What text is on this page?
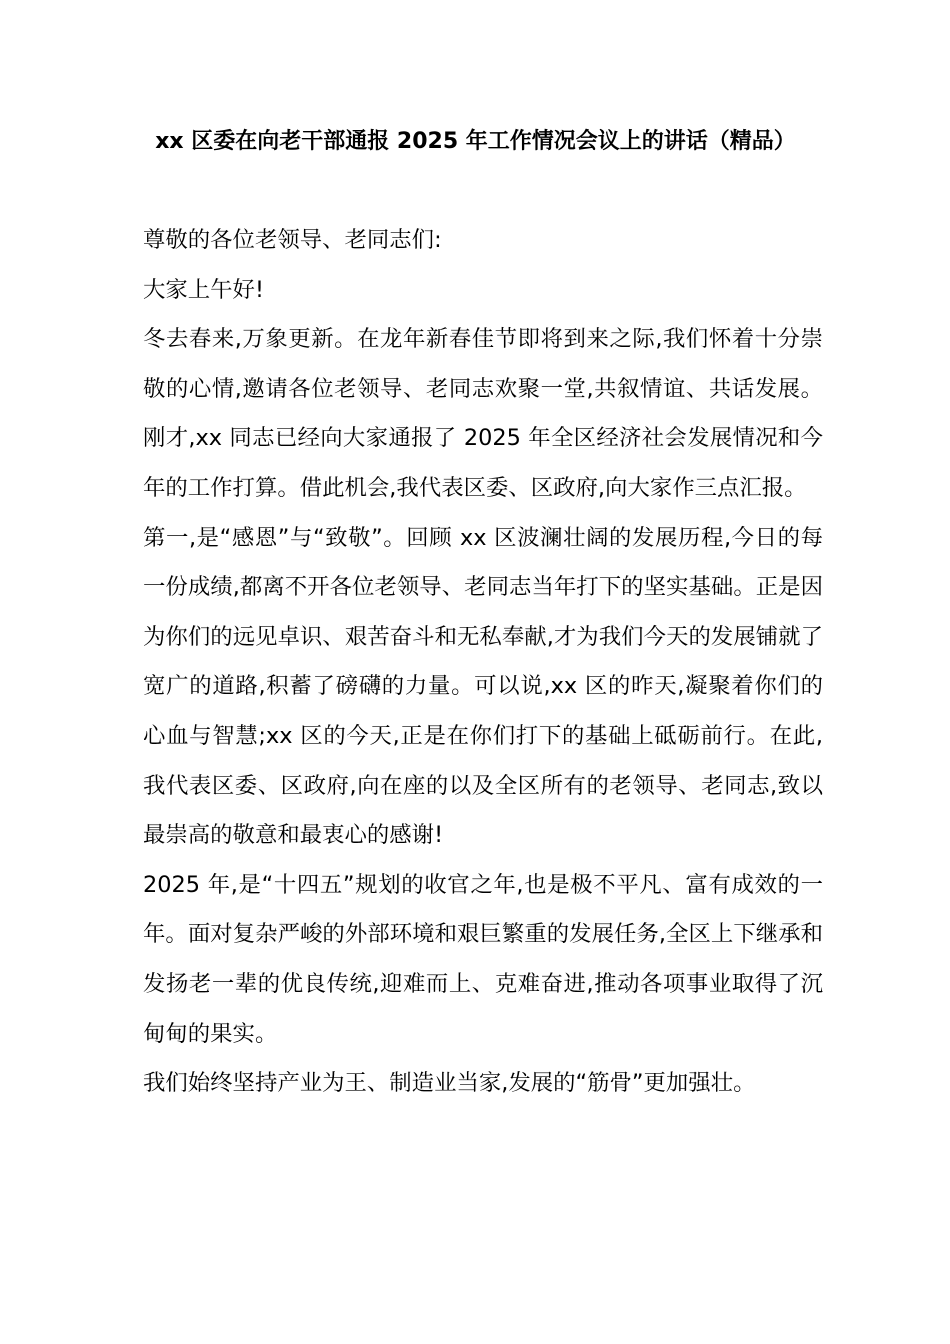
xx 区委在向老干部通报 2025 年工作情况会议上的讲话（精品）

尊敬的各位老领导、老同志们:

大家上午好!

冬去春来,万象更新。在龙年新春佳节即将到来之际,我们怀着十分崇敬的心情,邀请各位老领导、老同志欢聚一堂,共叙情谊、共话发展。刚才,xx 同志已经向大家通报了 2025 年全区经济社会发展情况和今年的工作打算。借此机会,我代表区委、区政府,向大家作三点汇报。

第一,是“感恩”与“致敬”。回顾 xx 区波澜壮阔的发展历程,今日的每一份成绩,都离不开各位老领导、老同志当年打下的坚实基础。正是因为你们的远见卓识、艰苦奋斗和无私奉献,才为我们今天的发展铺就了宽广的道路,积蓄了磅礴的力量。可以说,xx 区的昨天,凝聚着你们的心血与智慧;xx 区的今天,正是在你们打下的基础上砥砺前行。在此,我代表区委、区政府,向在座的以及全区所有的老领导、老同志,致以最崇高的敬意和最衷心的感谢!

2025 年,是“十四五”规划的收官之年,也是极不平凡、富有成效的一年。面对复杂严峻的外部环境和艰巨繁重的发展任务,全区上下继承和发扬老一辈的优良传统,迎难而上、克难奋进,推动各项事业取得了沉甸甸的果实。

我们始终坚持产业为王、制造业当家,发展的“筋骨”更加强壮。
